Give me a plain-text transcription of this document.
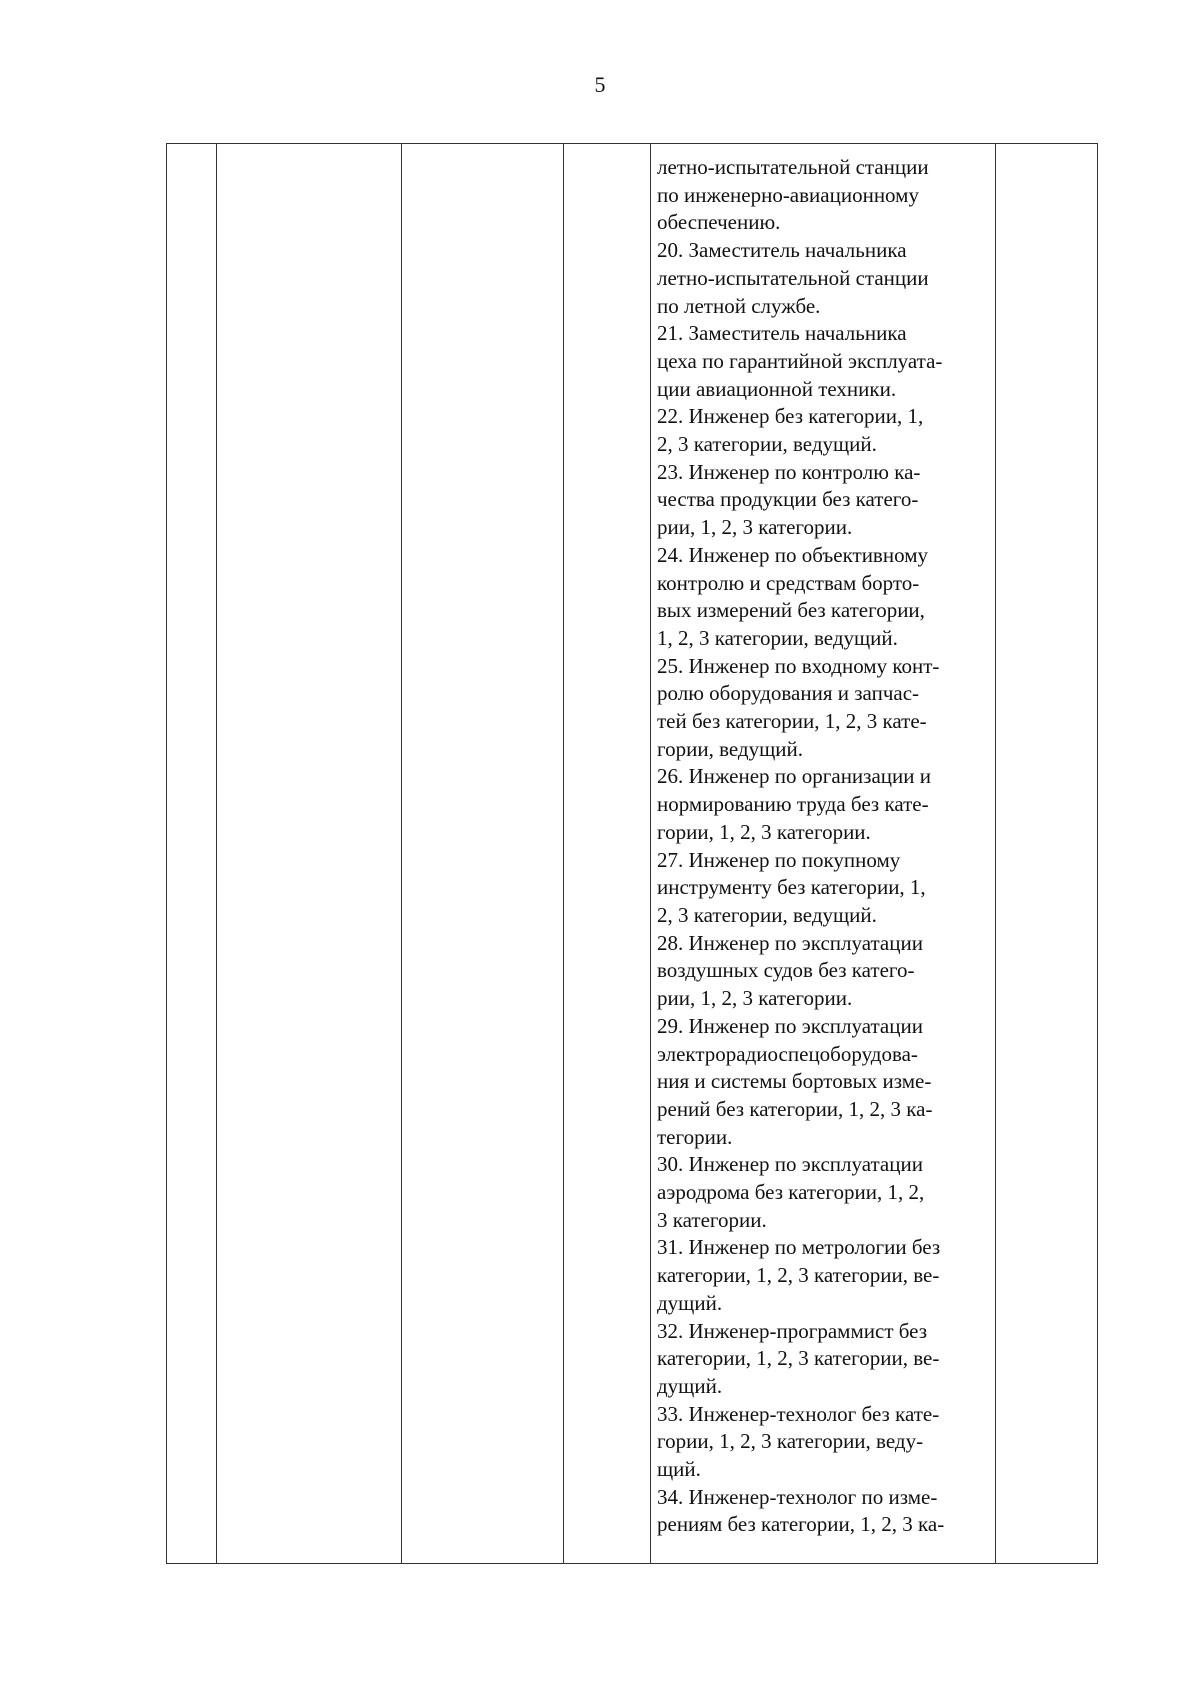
5

летно-испытательной станции
по инженерно-авиационному
обеспечению.
20. Заместитель начальника
летно-испытательной станции
по летной службе.
21. Заместитель начальника
цеха по гарантийной эксплуата-
ции авиационной техники.
22. Инженер без категории, 1,
2, 3 категории, ведущий.
23. Инженер по контролю ка-
чества продукции без катего-
рии, 1, 2, 3 категории.
24. Инженер по объективному
контролю и средствам борто-
вых измерений без категории,
1, 2, 3 категории, ведущий.
25. Инженер по входному конт-
ролю оборудования и запчас-
тей без категории, 1, 2, 3 кате-
гории, ведущий.
26. Инженер по организации и
нормированию труда без кате-
гории, 1, 2, 3 категории.
27. Инженер по покупному
инструменту без категории, 1,
2, 3 категории, ведущий.
28. Инженер по эксплуатации
воздушных судов без катего-
рии, 1, 2, 3 категории.
29. Инженер по эксплуатации
электрорадиоспецоборудова-
ния и системы бортовых изме-
рений без категории, 1, 2, 3 ка-
тегории.
30. Инженер по эксплуатации
аэродрома без категории, 1, 2,
3 категории.
31. Инженер по метрологии без
категории, 1, 2, 3 категории, ве-
дущий.
32. Инженер-программист без
категории, 1, 2, 3 категории, ве-
дущий.
33. Инженер-технолог без кате-
гории, 1, 2, 3 категории, веду-
щий.
34. Инженер-технолог по изме-
рениям без категории, 1, 2, 3 ка-
